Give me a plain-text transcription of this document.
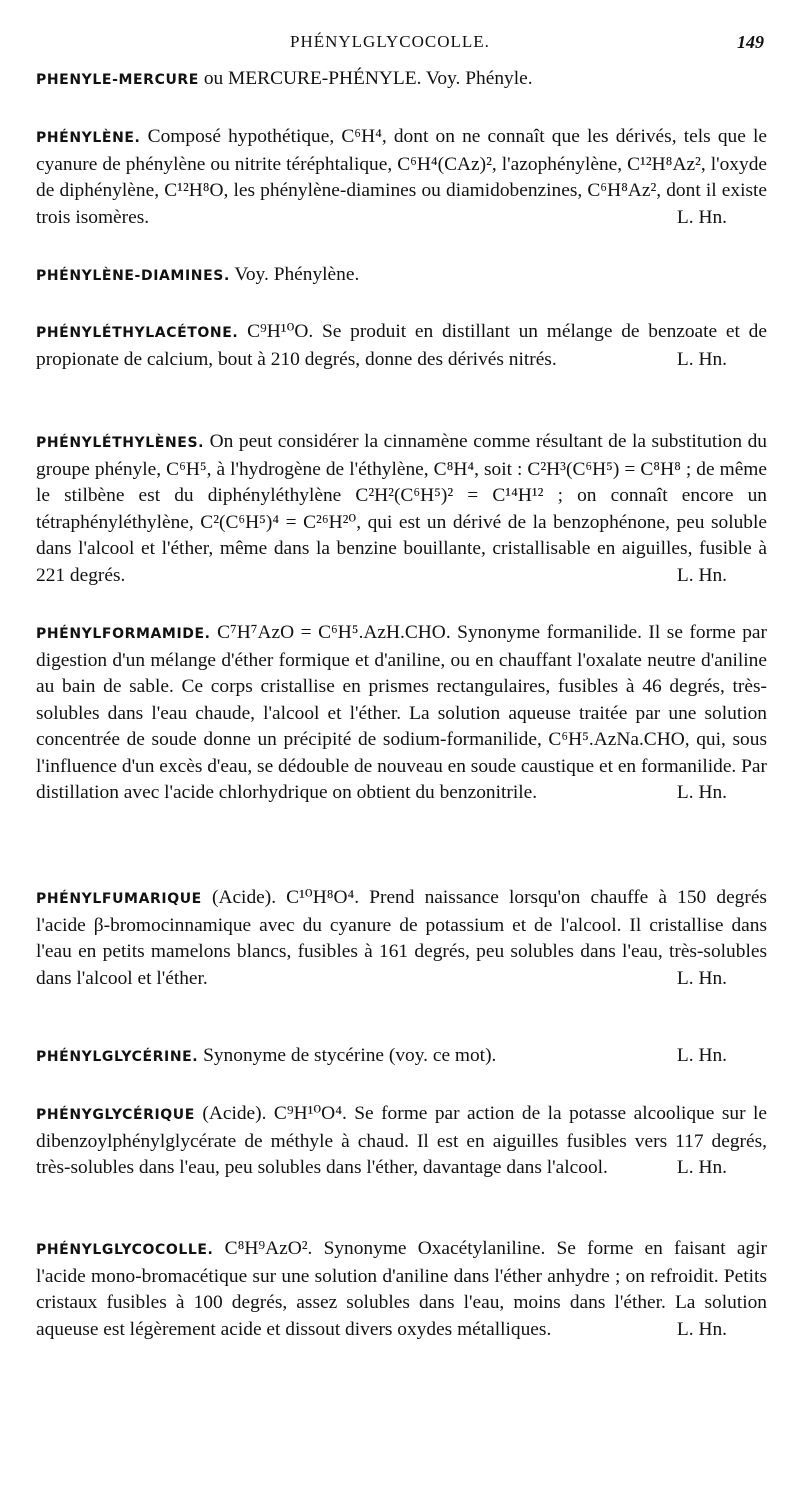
PHÉNYLGLYCOCOLLE.	149
PHENYLE-MERCURE ou MERCURE-PHÉNYLE. Voy. Phényle.
PHÉNYLÈNE. Composé hypothétique, C⁶H⁴, dont on ne connaît que les dérivés, tels que le cyanure de phénylène ou nitrite téréphtalique, C⁶H⁴(CAz)², l'azophénylène, C¹²H⁸Az², l'oxyde de diphénylène, C¹²H⁸O, les phénylène-diamines ou diamidobenzines, C⁶H⁸Az², dont il existe trois isomères.	L. Hn.
PHÉNYLÈNE-DIAMINES. Voy. Phénylène.
PHÉNYLÉTHYLACÉTONE. C⁹H¹⁰O. Se produit en distillant un mélange de benzoate et de propionate de calcium, bout à 210 degrés, donne des dérivés nitrés.	L. Hn.
PHÉNYLÉTHYLÈNES. On peut considérer la cinnamène comme résultant de la substitution du groupe phényle, C⁶H⁵, à l'hydrogène de l'éthylène, C⁸H⁴, soit : C²H³(C⁶H⁵) = C⁸H⁸ ; de même le stilbène est du diphényléthylène C²H²(C⁶H⁵)² = C¹⁴H¹² ; on connaît encore un tétraphényléthylène, C²(C⁶H⁵)⁴ = C²⁶H²⁰, qui est un dérivé de la benzophénone, peu soluble dans l'alcool et l'éther, même dans la benzine bouillante, cristallisable en aiguilles, fusible à 221 degrés.	L. Hn.
PHÉNYLFORMAMIDE. C⁷H⁷AzO = C⁶H⁵.AzH.CHO. Synonyme formanilide. Il se forme par digestion d'un mélange d'éther formique et d'aniline, ou en chauffant l'oxalate neutre d'aniline au bain de sable. Ce corps cristallise en prismes rectangulaires, fusibles à 46 degrés, très-solubles dans l'eau chaude, l'alcool et l'éther. La solution aqueuse traitée par une solution concentrée de soude donne un précipité de sodium-formanilide, C⁶H⁵.AzNa.CHO, qui, sous l'influence d'un excès d'eau, se dédouble de nouveau en soude caustique et en formanilide. Par distillation avec l'acide chlorhydrique on obtient du benzonitrile.	L. Hn.
PHÉNYLFUMARIQUE (Acide). C¹⁰H⁸O⁴. Prend naissance lorsqu'on chauffe à 150 degrés l'acide β-bromocinnamique avec du cyanure de potassium et de l'alcool. Il cristallise dans l'eau en petits mamelons blancs, fusibles à 161 degrés, peu solubles dans l'eau, très-solubles dans l'alcool et l'éther.	L. Hn.
PHÉNYLGLYCÉRINE. Synonyme de stycérine (voy. ce mot).	L. Hn.
PHÉNYGLYCÉRIQUE (Acide). C⁹H¹⁰O⁴. Se forme par action de la potasse alcoolique sur le dibenzoylphénylglycérate de méthyle à chaud. Il est en aiguilles fusibles vers 117 degrés, très-solubles dans l'eau, peu solubles dans l'éther, davantage dans l'alcool.	L. Hn.
PHÉNYLGLYCOCOLLE. C⁸H⁹AzO². Synonyme Oxacétylaniline. Se forme en faisant agir l'acide mono-bromacétique sur une solution d'aniline dans l'éther anhydre ; on refroidit. Petits cristaux fusibles à 100 degrés, assez solubles dans l'eau, moins dans l'éther. La solution aqueuse est légèrement acide et dissout divers oxydes métalliques.	L. Hn.
